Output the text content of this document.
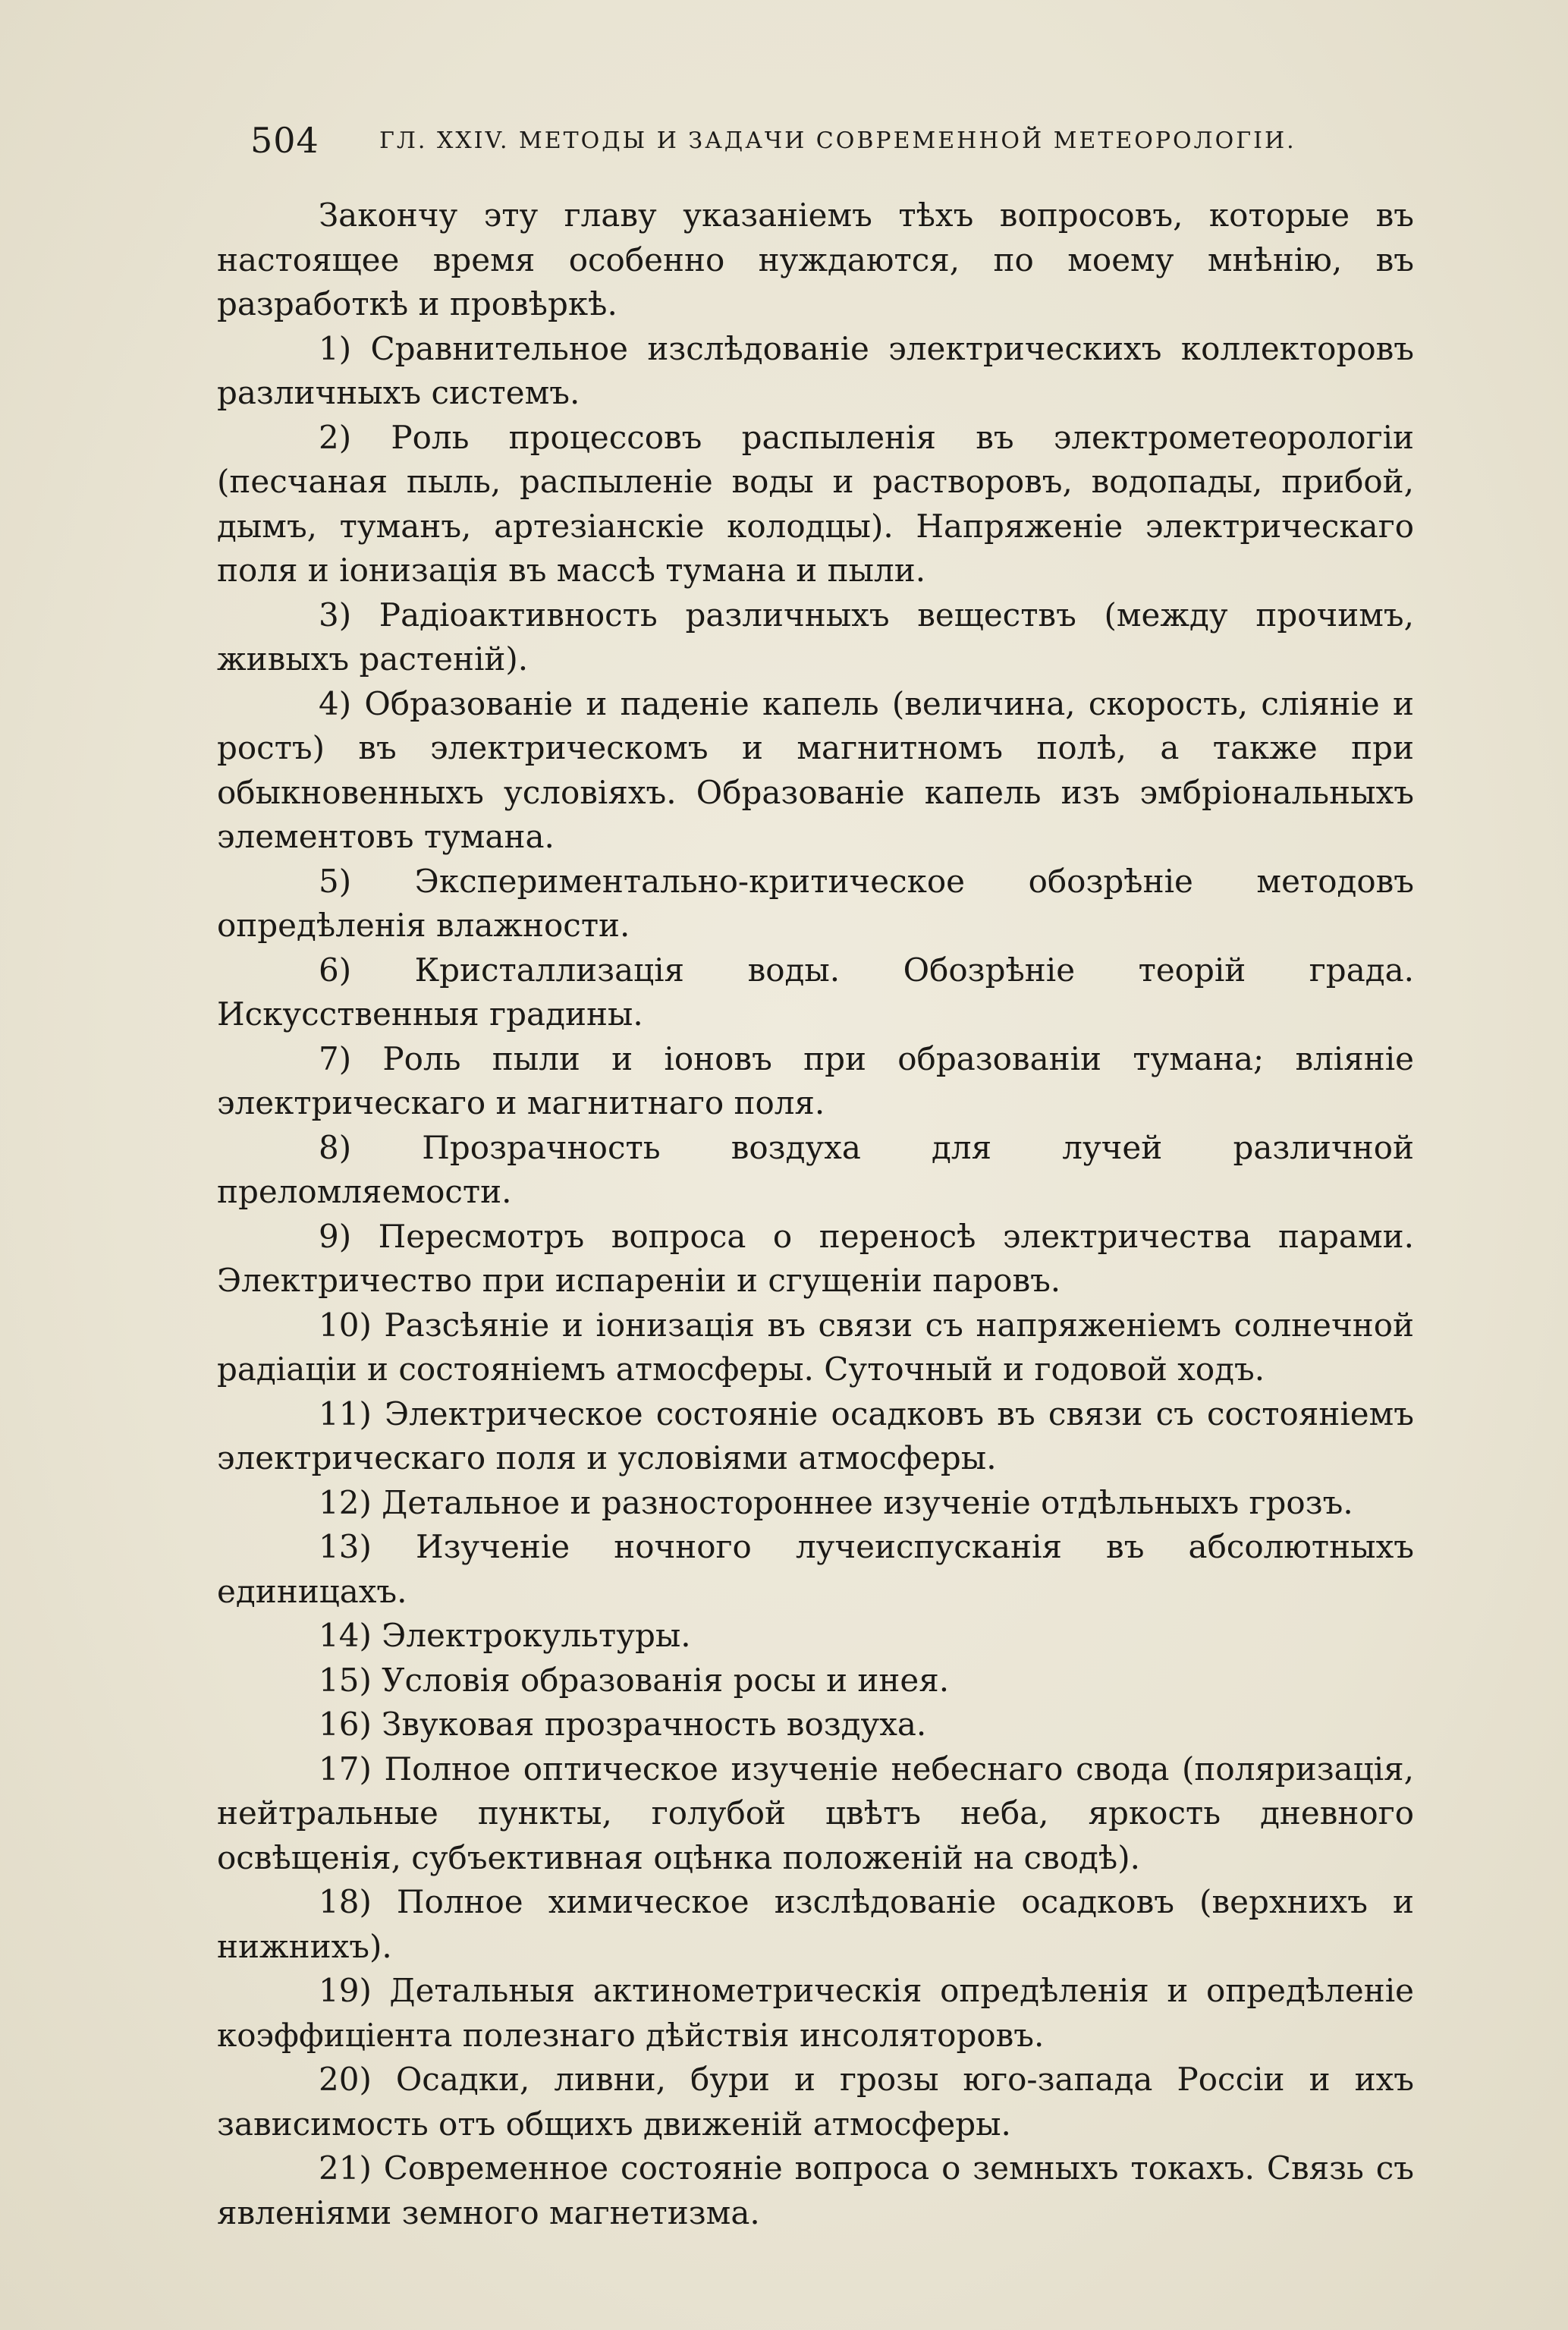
504	ГЛ. XXIV. МЕТОДЫ И ЗАДАЧИ СОВРЕМЕННОЙ МЕТЕОРОЛОГІИ.

Закончу эту главу указаніемъ тѣхъ вопросовъ, которые въ настоящее время особенно нуждаются, по моему мнѣнію, въ разработкѣ и провѣркѣ.

1) Сравнительное изслѣдованіе электрическихъ коллекторовъ различныхъ системъ.

2) Роль процессовъ распыленія въ электрометеорологіи (песчаная пыль, распыленіе воды и растворовъ, водопады, прибой, дымъ, туманъ, артезіанскіе колодцы). Напряженіе электрическаго поля и іонизація въ массѣ тумана и пыли.

3) Радіоактивность различныхъ веществъ (между прочимъ, живыхъ растеній).

4) Образованіе и паденіе капель (величина, скорость, сліяніе и ростъ) въ электрическомъ и магнитномъ полѣ, а также при обыкновенныхъ условіяхъ. Образованіе капель изъ эмбріональныхъ элементовъ тумана.

5) Экспериментально-критическое обозрѣніе методовъ опредѣленія влажности.

6) Кристаллизація воды. Обозрѣніе теорій града. Искусственныя градины.

7) Роль пыли и іоновъ при образованіи тумана; вліяніе электрическаго и магнитнаго поля.

8) Прозрачность воздуха для лучей различной преломляемости.

9) Пересмотръ вопроса о переносѣ электричества парами. Электричество при испареніи и сгущеніи паровъ.

10) Разсѣяніе и іонизація въ связи съ напряженіемъ солнечной радіаціи и состояніемъ атмосферы. Суточный и годовой ходъ.

11) Электрическое состояніе осадковъ въ связи съ состояніемъ электрическаго поля и условіями атмосферы.

12) Детальное и разностороннее изученіе отдѣльныхъ грозъ.

13) Изученіе ночного лучеиспусканія въ абсолютныхъ единицахъ.

14) Электрокультуры.

15) Условія образованія росы и инея.

16) Звуковая прозрачность воздуха.

17) Полное оптическое изученіе небеснаго свода (поляризація, нейтральные пункты, голубой цвѣтъ неба, яркость дневного освѣщенія, субъективная оцѣнка положеній на сводѣ).

18) Полное химическое изслѣдованіе осадковъ (верхнихъ и нижнихъ).

19) Детальныя актинометрическія опредѣленія и опредѣленіе коэффиціента полезнаго дѣйствія инсоляторовъ.

20) Осадки, ливни, бури и грозы юго-запада Россіи и ихъ зависимость отъ общихъ движеній атмосферы.

21) Современное состояніе вопроса о земныхъ токахъ. Связь съ явленіями земного магнетизма.
